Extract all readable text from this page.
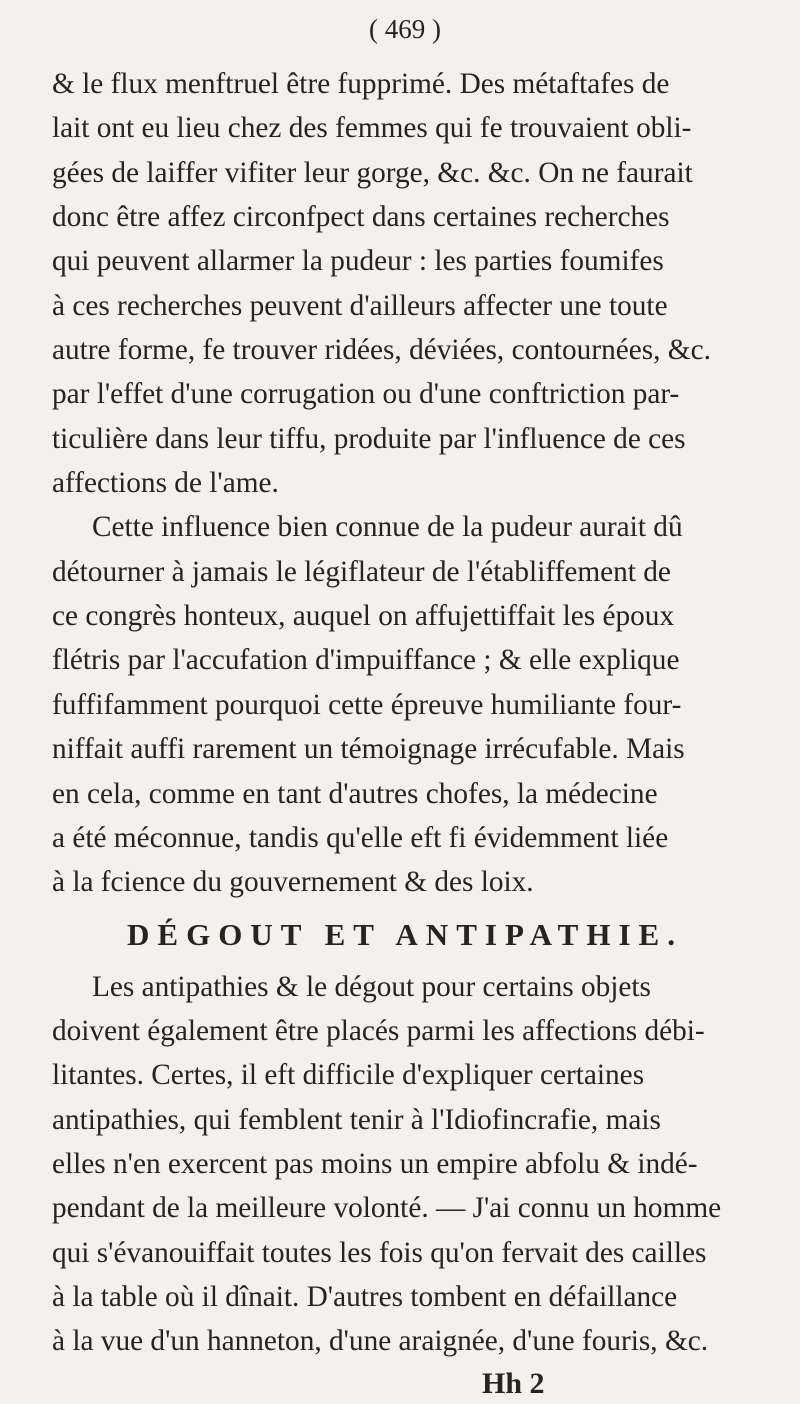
( 469 )

& le flux menftruel être fupprimé. Des métaftafes de
lait ont eu lieu chez des femmes qui fe trouvaient obli-
gées de laiffer vifiter leur gorge, &c. &c. On ne faurait
donc être affez circonfpect dans certaines recherches
qui peuvent allarmer la pudeur : les parties foumifes
à ces recherches peuvent d'ailleurs affecter une toute
autre forme, fe trouver ridées, déviées, contournées, &c.
par l'effet d'une corrugation ou d'une conftriction par-
ticulière dans leur tiffu, produite par l'influence de ces
affections de l'ame.

Cette influence bien connue de la pudeur aurait dû
détourner à jamais le légiflateur de l'établiffement de
ce congrès honteux, auquel on affujettiffait les époux
flétris par l'accufation d'impuiffance ; & elle explique
fuffifamment pourquoi cette épreuve humiliante four-
niffait auffi rarement un témoignage irrécufable. Mais
en cela, comme en tant d'autres chofes, la médecine
a été méconnue, tandis qu'elle eft fi évidemment liée
à la fcience du gouvernement & des loix.

DÉGOUT ET ANTIPATHIE.

Les antipathies & le dégout pour certains objets
doivent également être placés parmi les affections débi-
litantes. Certes, il eft difficile d'expliquer certaines
antipathies, qui femblent tenir à l'Idiofincrafie, mais
elles n'en exercent pas moins un empire abfolu & indé-
pendant de la meilleure volonté. — J'ai connu un homme
qui s'évanouiffait toutes les fois qu'on fervait des cailles
à la table où il dînait. D'autres tombent en défaillance
à la vue d'un hanneton, d'une araignée, d'une fouris, &c.

Hh 2
